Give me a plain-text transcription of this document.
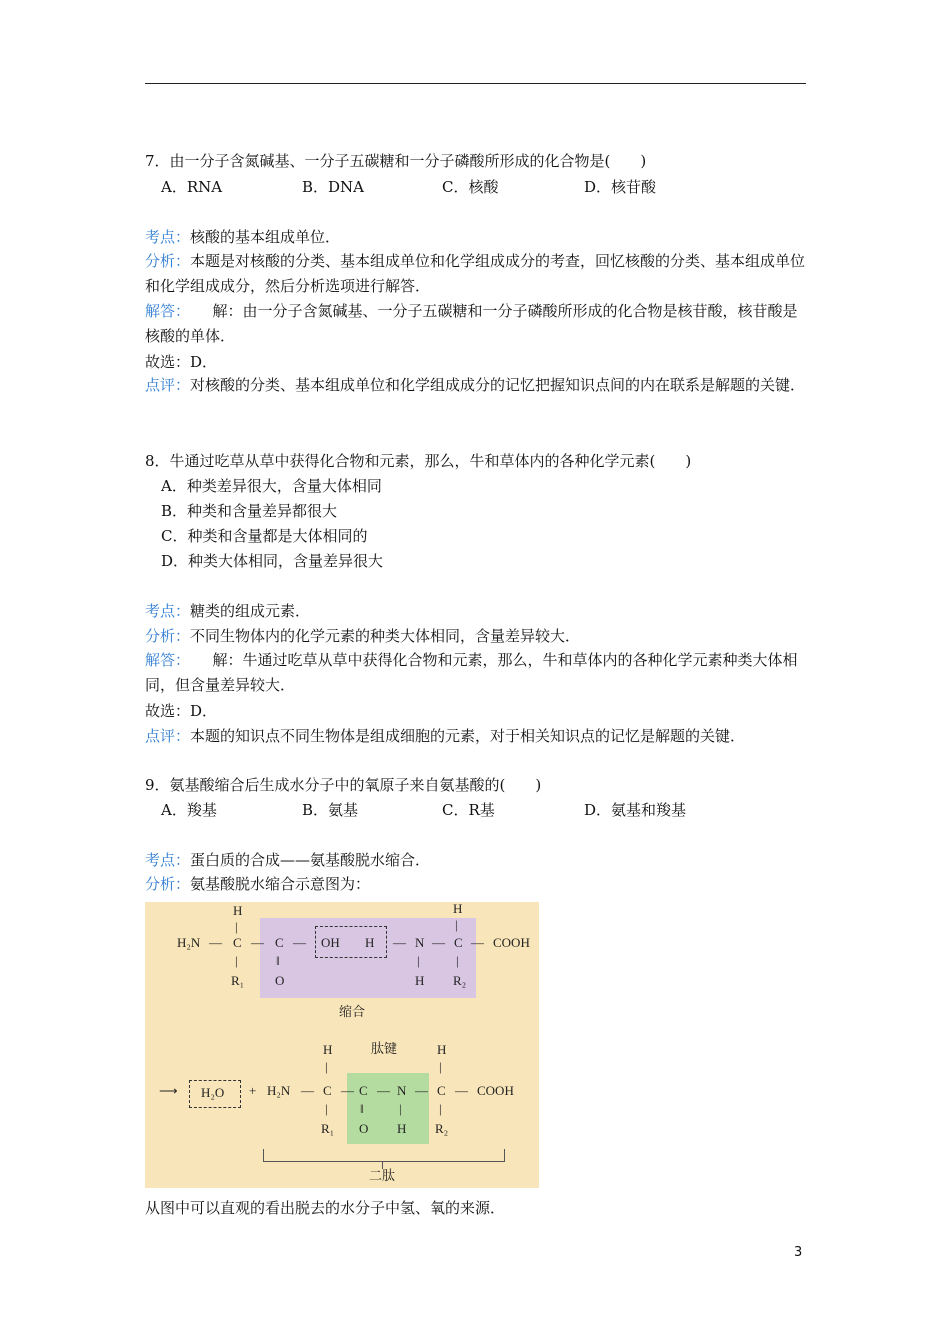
7．由一分子含氮碱基、一分子五碳糖和一分子磷酸所形成的化合物是(　　)
A．RNA	B．DNA	C．核酸	D．核苷酸
考点：核酸的基本组成单位．
分析：本题是对核酸的分类、基本组成单位和化学组成成分的考查，回忆核酸的分类、基本组成单位和化学组成成分，然后分析选项进行解答．
解答：　　解：由一分子含氮碱基、一分子五碳糖和一分子磷酸所形成的化合物是核苷酸，核苷酸是核酸的单体．
故选：D．
点评：对核酸的分类、基本组成单位和化学组成成分的记忆把握知识点间的内在联系是解题的关键．
8．牛通过吃草从草中获得化合物和元素，那么，牛和草体内的各种化学元素(　　)
A．种类差异很大，含量大体相同
B．种类和含量差异都很大
C．种类和含量都是大体相同的
D．种类大体相同，含量差异很大
考点：糖类的组成元素．
分析：不同生物体内的化学元素的种类大体相同，含量差异较大．
解答：　　解：牛通过吃草从草中获得化合物和元素，那么，牛和草体内的各种化学元素种类大体相同，但含量差异较大．
故选：D．
点评：本题的知识点不同生物体是组成细胞的元素，对于相关知识点的记忆是解题的关键．
9．氨基酸缩合后生成水分子中的氧原子来自氨基酸的(　　)
A．羧基	B．氨基	C．R基	D．氨基和羧基
考点：蛋白质的合成——氨基酸脱水缩合．
分析：氨基酸脱水缩合示意图为：
H
|
H
|
H₂N — C — C — OH H — N — C — COOH
|	‖	|	|
R₁ O	H R₂
缩合
H	肽键	H
|	|
⟶ H₂O + H₂N — C — C — N — C — COOH
| ‖	|	|
R₁ O H R₂
二肽
从图中可以直观的看出脱去的水分子中氢、氧的来源．
3
